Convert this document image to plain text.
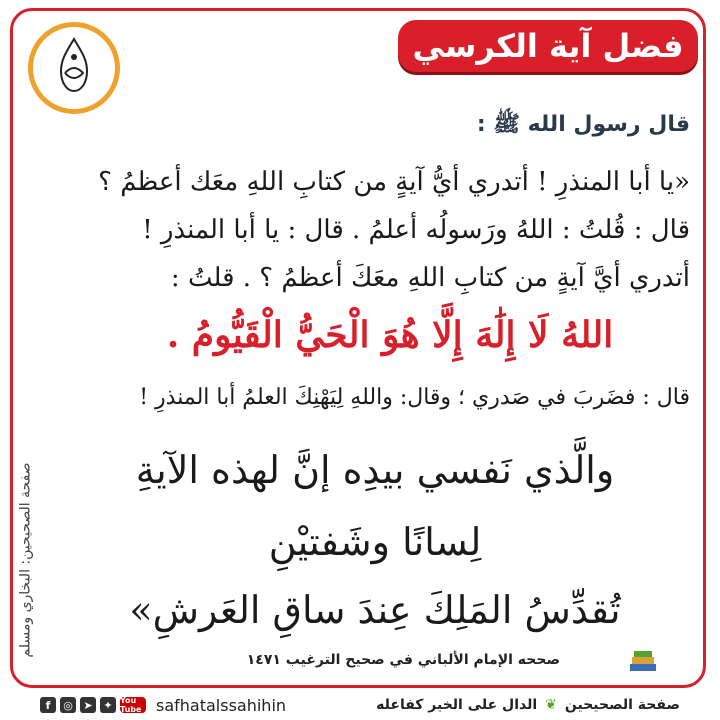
فضل آية الكرسي
صفحة الصحيحين: البخاري ومسلم
قال رسول الله ﷺ :
«يا أبا المنذرِ ! أتدري أيُّ آيةٍ من كتابِ اللهِ معَك أعظمُ ؟
قال : قُلتُ : اللهُ ورَسولُه أعلمُ . قال : يا أبا المنذرِ !
أتدري أيَّ آيةٍ من كتابِ اللهِ معَكَ أعظمُ ؟ . قلتُ :
اللهُ لَا إِلَٰهَ إِلَّا هُوَ الْحَيُّ الْقَيُّومُ .
قال : فضَربَ في صَدري ؛ وقال: واللهِ لِيَهْنِكَ العلمُ أبا المنذرِ !
والَّذي نَفسي بيدِه إنَّ لهذه الآيةِ
لِسانًا وشَفتيْنِ
تُقدِّسُ المَلِكَ عِندَ ساقِ العَرشِ»
صححه الإمام الألباني في صحيح الترغيب ١٤٧١
f	◎ ➤ ✦ You Tube safhatalssahihin	صفحة الصحيحين
❦
الدال على الخير كفاعله
